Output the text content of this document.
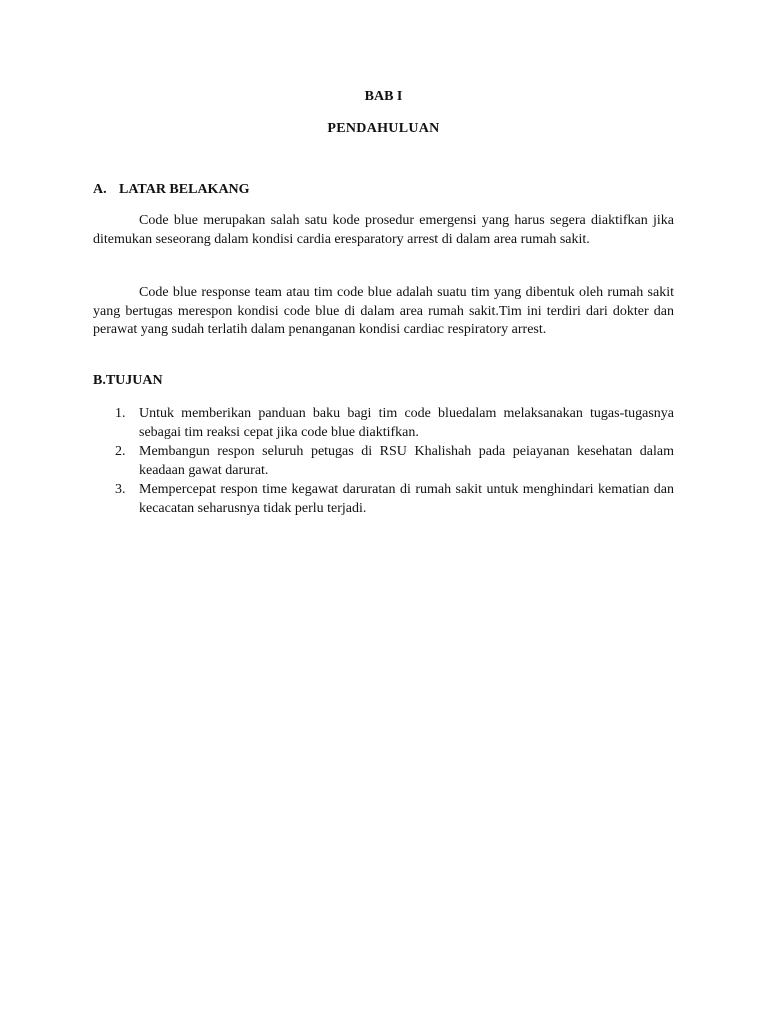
BAB I
PENDAHULUAN
A. LATAR BELAKANG

Code blue merupakan salah satu kode prosedur emergensi yang harus segera diaktifkan jika ditemukan seseorang dalam kondisi cardia eresparatory arrest di dalam area rumah sakit.

Code blue response team atau tim code blue adalah suatu tim yang dibentuk oleh rumah sakit yang bertugas merespon kondisi code blue di dalam area rumah sakit.Tim ini terdiri dari dokter dan perawat yang sudah terlatih dalam penanganan kondisi cardiac respiratory arrest.

B.TUJUAN
1. Untuk memberikan panduan baku bagi tim code bluedalam melaksanakan tugas-tugasnya sebagai tim reaksi cepat jika code blue diaktifkan.
2. Membangun respon seluruh petugas di RSU Khalishah pada peiayanan kesehatan dalam keadaan gawat darurat.
3. Mempercepat respon time kegawat daruratan di rumah sakit untuk menghindari kematian dan kecacatan seharusnya tidak perlu terjadi.
